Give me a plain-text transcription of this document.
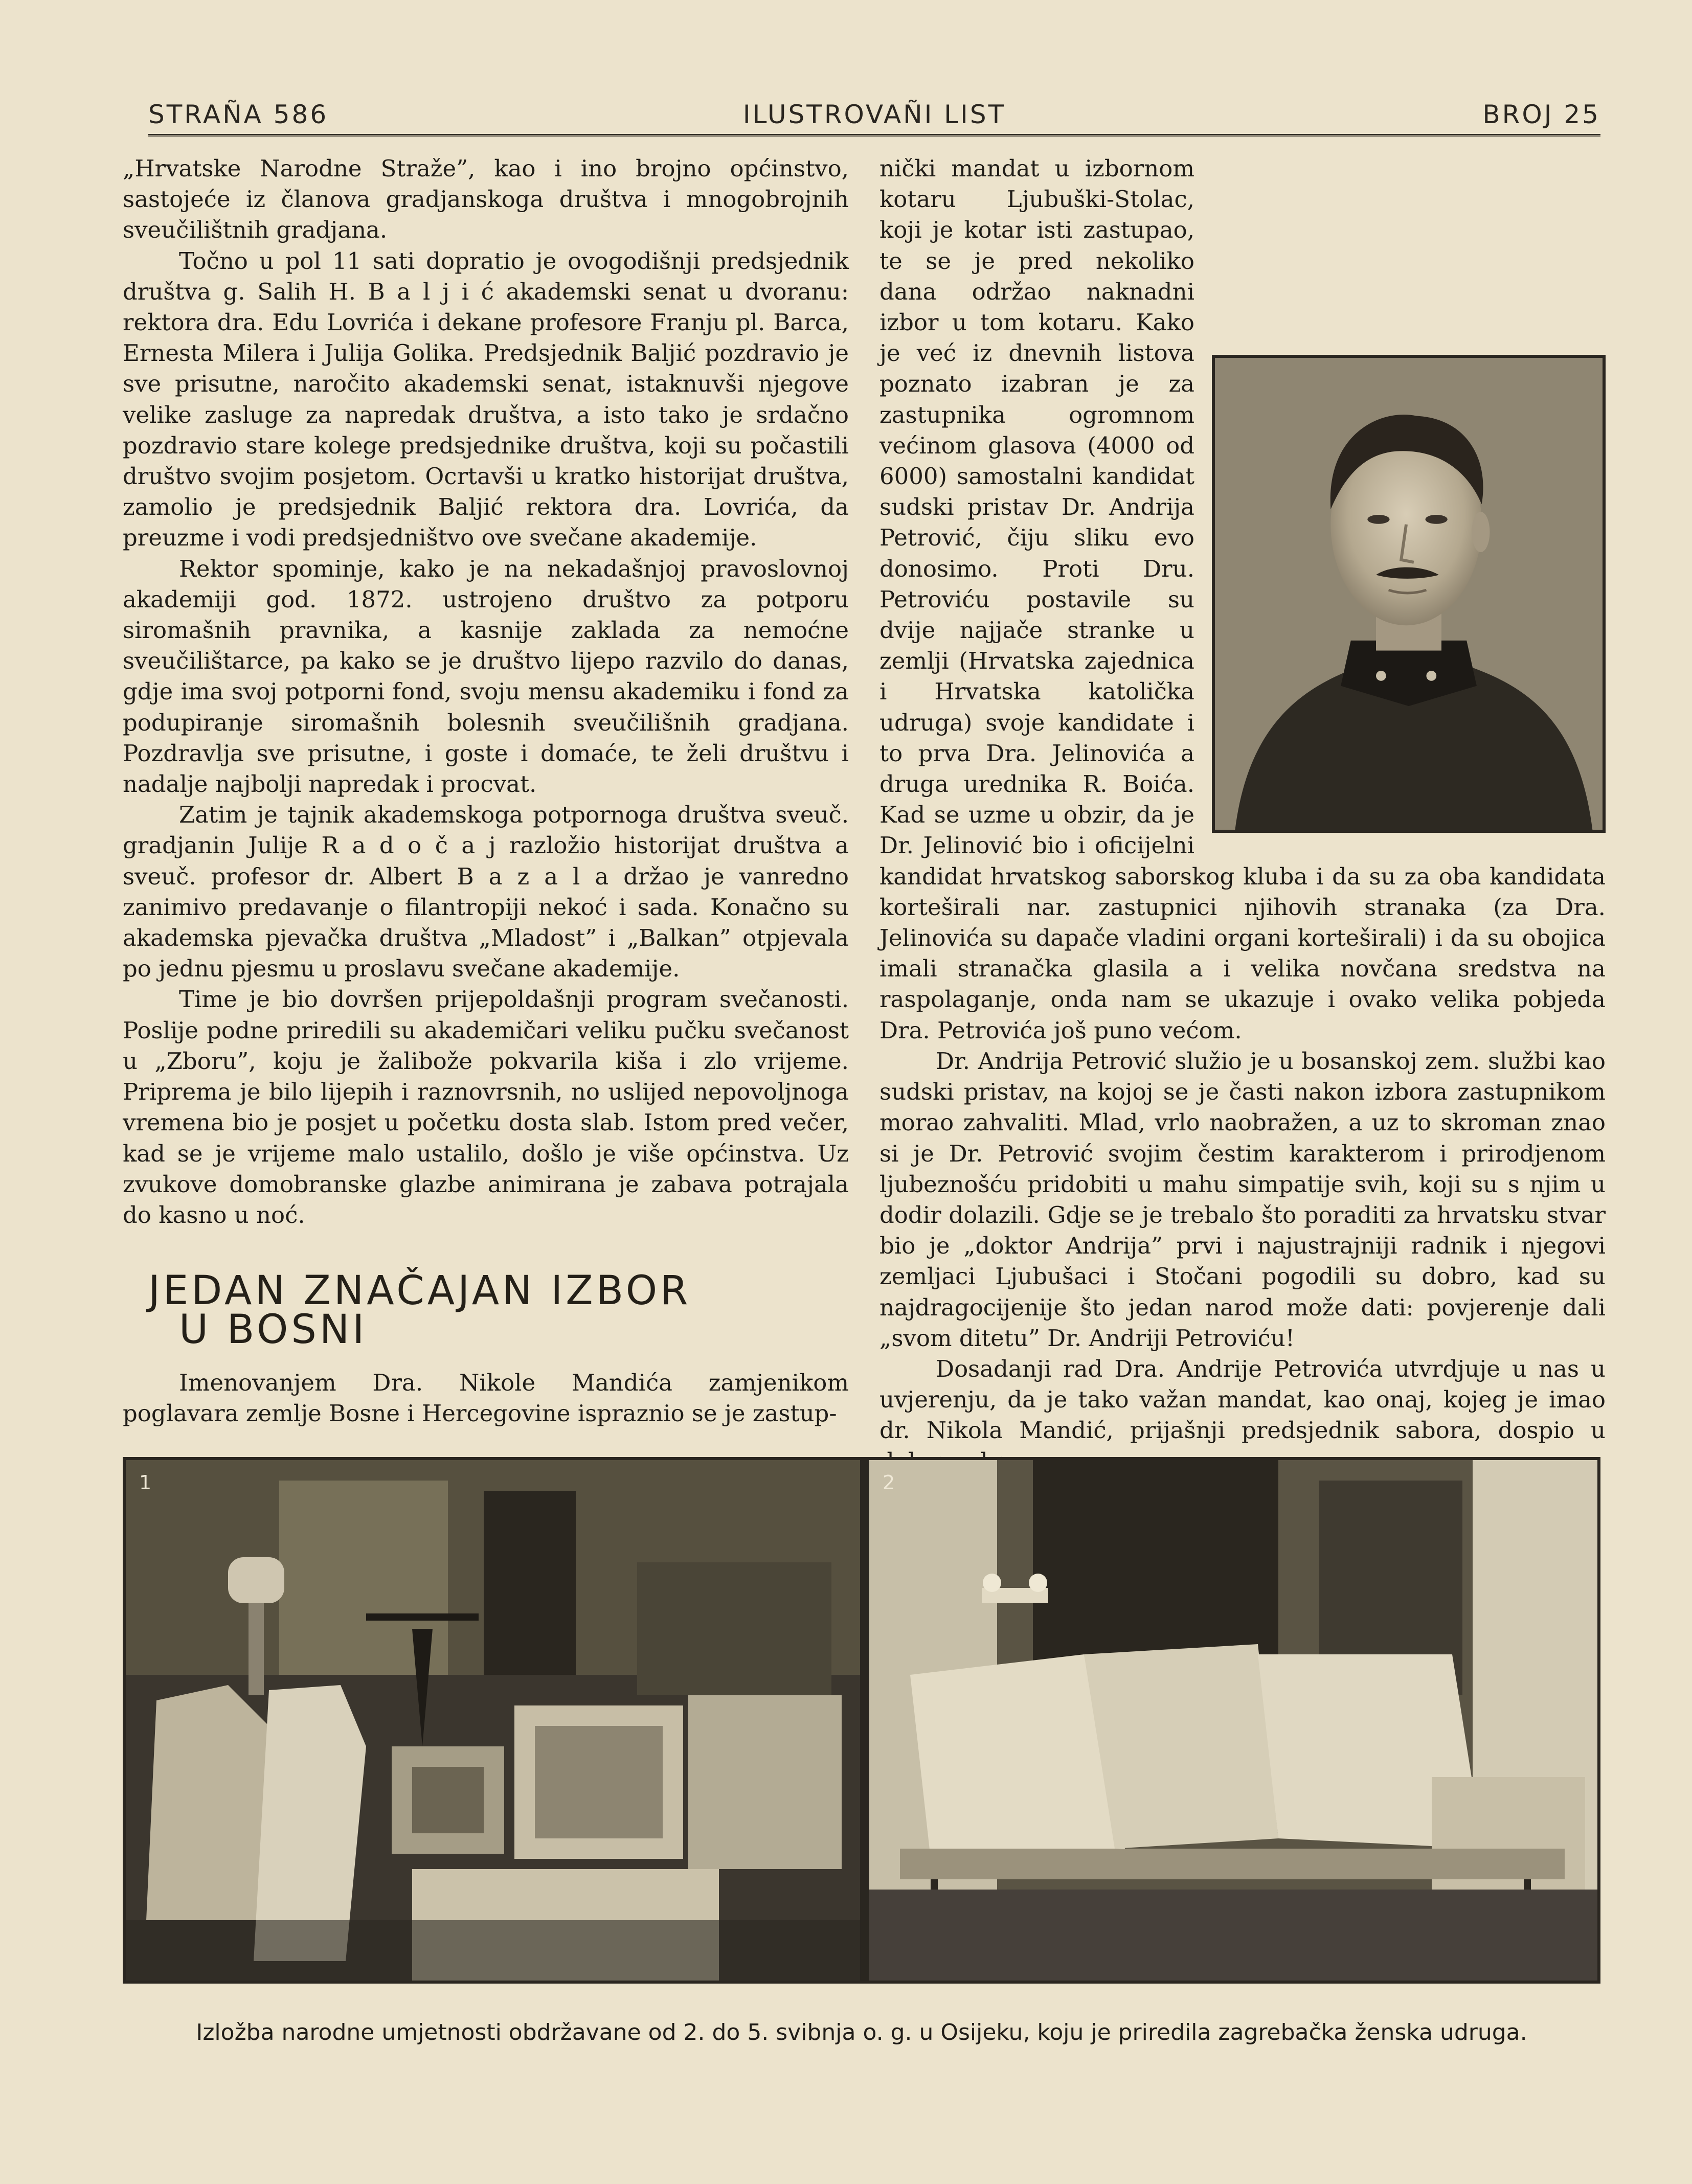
STRAÑA 586	ILUSTROVAÑI LIST	BROJ 25

„Hrvatske Narodne Straže”, kao i ino brojno općinstvo, sastojeće iz članova gradjanskoga društva i mnogobrojnih sveučilištnih gradjana.

Točno u pol 11 sati dopratio je ovogodišnji predsjednik društva g. Salih H. B a l j i ć akademski senat u dvoranu: rektora dra. Edu Lovrića i dekane profesore Franju pl. Barca, Ernesta Milera i Julija Golika. Predsjednik Baljić pozdravio je sve prisutne, naročito akademski senat, istaknuvši njegove velike zasluge za napredak društva, a isto tako je srdačno pozdravio stare kolege predsjednike društva, koji su počastili društvo svojim posjetom. Ocrtavši u kratko historijat društva, zamolio je predsjednik Baljić rektora dra. Lovrića, da preuzme i vodi predsjedništvo ove svečane akademije.

Rektor spominje, kako je na nekadašnjoj pravoslovnoj akademiji god. 1872. ustrojeno društvo za potporu siromašnih pravnika, a kasnije zaklada za nemoćne sveučilištarce, pa kako se je društvo lijepo razvilo do danas, gdje ima svoj potporni fond, svoju mensu akademiku i fond za podupiranje siromašnih bolesnih sveučilišnih gradjana. Pozdravlja sve prisutne, i goste i domaće, te želi društvu i nadalje najbolji napredak i procvat.

Zatim je tajnik akademskoga potpornoga društva sveuč. gradjanin Julije R a d o č a j razložio historijat društva a sveuč. profesor dr. Albert B a z a l a držao je vanredno zanimivo predavanje o filantropiji nekoć i sada. Konačno su akademska pjevačka društva „Mladost” i „Balkan” otpjevala po jednu pjesmu u proslavu svečane akademije.

Time je bio dovršen prijepoldašnji program svečanosti. Poslije podne priredili su akademičari veliku pučku svečanost u „Zboru”, koju je žalibože pokvarila kiša i zlo vrijeme. Priprema je bilo lijepih i raznovrsnih, no uslijed nepovoljnoga vremena bio je posjet u početku dosta slab. Istom pred večer, kad se je vrijeme malo ustalilo, došlo je više općinstva. Uz zvukove domobranske glazbe animirana je zabava potrajala do kasno u noć.

JEDAN ZNAČAJAN IZBOR
U BOSNI

Imenovanjem Dra. Nikole Mandića zamjenikom poglavara zemlje Bosne i Hercegovine ispraznio se je zastup-

nički mandat u izbornom kotaru Ljubuški-Stolac, koji je kotar isti zastupao, te se je pred nekoliko dana održao naknadni izbor u tom kotaru. Kako je već iz dnevnih listova poznato izabran je za zastupnika ogromnom većinom glasova (4000 od 6000) samostalni kandidat sudski pristav Dr. Andrija Petrović, čiju sliku evo donosimo. Proti Dru. Petroviću postavile su dvije najjače stranke u zemlji (Hrvatska zajednica i Hrvatska katolička udruga) svoje kandidate i to prva Dra. Jelinovića a druga urednika R. Boića. Kad se uzme u obzir, da je Dr. Jelinović bio i oficijelni kandidat hrvatskog saborskog kluba i da su za oba kandidata korteširali nar. zastupnici njihovih stranaka (za Dra. Jelinovića su dapače vladini organi korteširali) i da su obojica imali stranačka glasila a i velika novčana sredstva na raspolaganje, onda nam se ukazuje i ovako velika pobjeda Dra. Petrovića još puno većom.

Dr. Andrija Petrović služio je u bosanskoj zem. službi kao sudski pristav, na kojoj se je časti nakon izbora zastupnikom morao zahvaliti. Mlad, vrlo naobražen, a uz to skroman znao si je Dr. Petrović svojim čestim karakterom i prirodjenom ljubeznošću pridobiti u mahu simpatije svih, koji su s njim u dodir dolazili. Gdje se je trebalo što poraditi za hrvatsku stvar bio je „doktor Andrija” prvi i najustrajniji radnik i njegovi zemljaci Ljubušaci i Stočani pogodili su dobro, kad su najdragocijenije što jedan narod može dati: povjerenje dali „svom ditetu” Dr. Andriji Petroviću!

Dosadanji rad Dra. Andrije Petrovića utvrdjuje u nas u uvjerenju, da je tako važan mandat, kao onaj, kojeg je imao dr. Nikola Mandić, prijašnji predsjednik sabora, dospio u

1	2
Izložba narodne umjetnosti obdržavane od 2. do 5. svibnja o. g. u Osijeku, koju je priredila zagrebačka ženska udruga.
